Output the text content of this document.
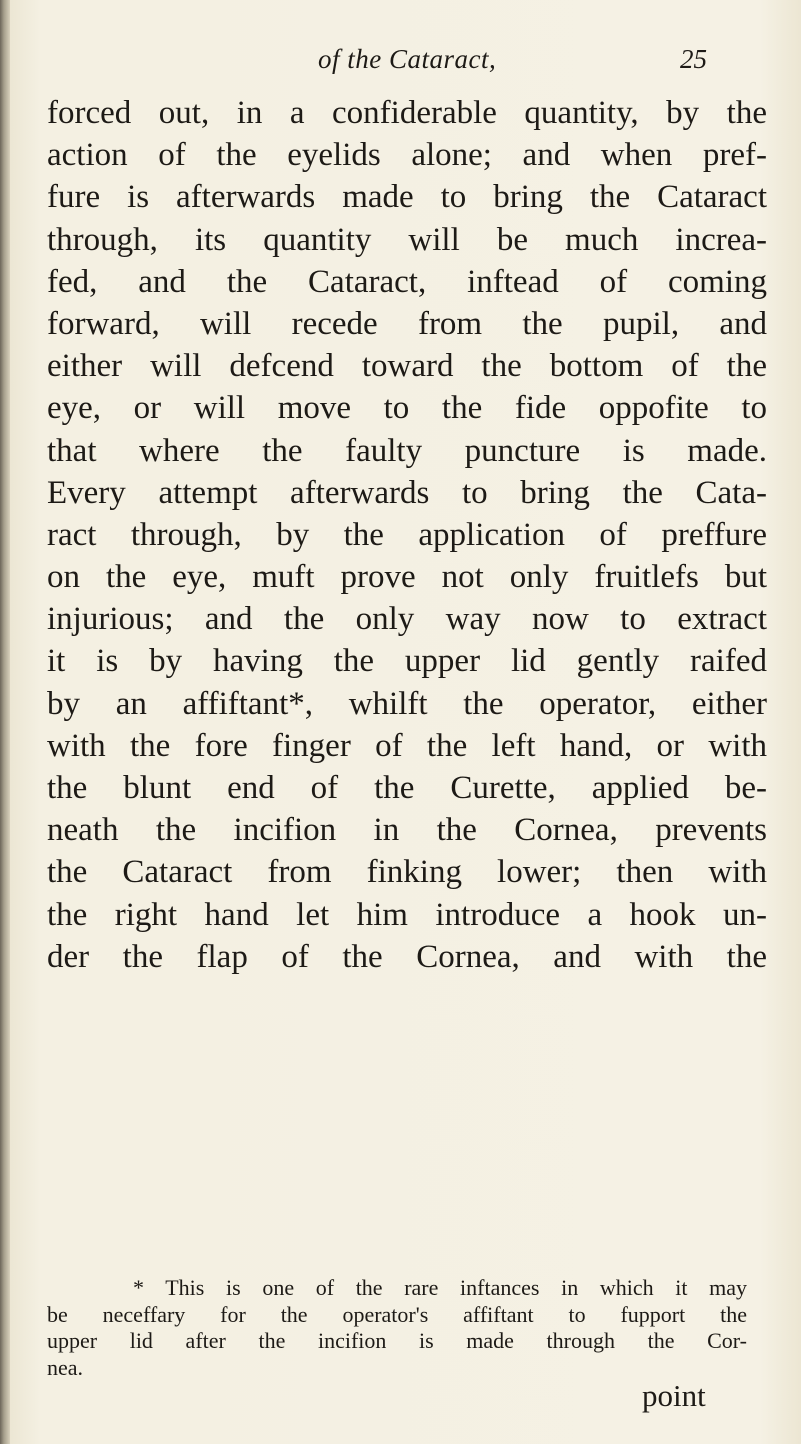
of the Cataract,	25
forced out, in a confiderable quantity, by the
action of the eyelids alone; and when pref-
fure is afterwards made to bring the Cataract
through, its quantity will be much increa-
fed, and the Cataract, inftead of coming
forward, will recede from the pupil, and
either will defcend toward the bottom of the
eye, or will move to the fide oppofite to
that where the faulty puncture is made.
Every attempt afterwards to bring the Cata-
ract through, by the application of preffure
on the eye, muft prove not only fruitlefs but
injurious; and the only way now to extract
it is by having the upper lid gently raifed
by an affiftant*, whilft the operator, either
with the fore finger of the left hand, or with
the blunt end of the Curette, applied be-
neath the incifion in the Cornea, prevents
the Cataract from finking lower; then with
the right hand let him introduce a hook un-
der the flap of the Cornea, and with the
* This is one of the rare inftances in which it may
be neceffary for the operator's affiftant to fupport the
upper lid after the incifion is made through the Cor-
nea.
point
